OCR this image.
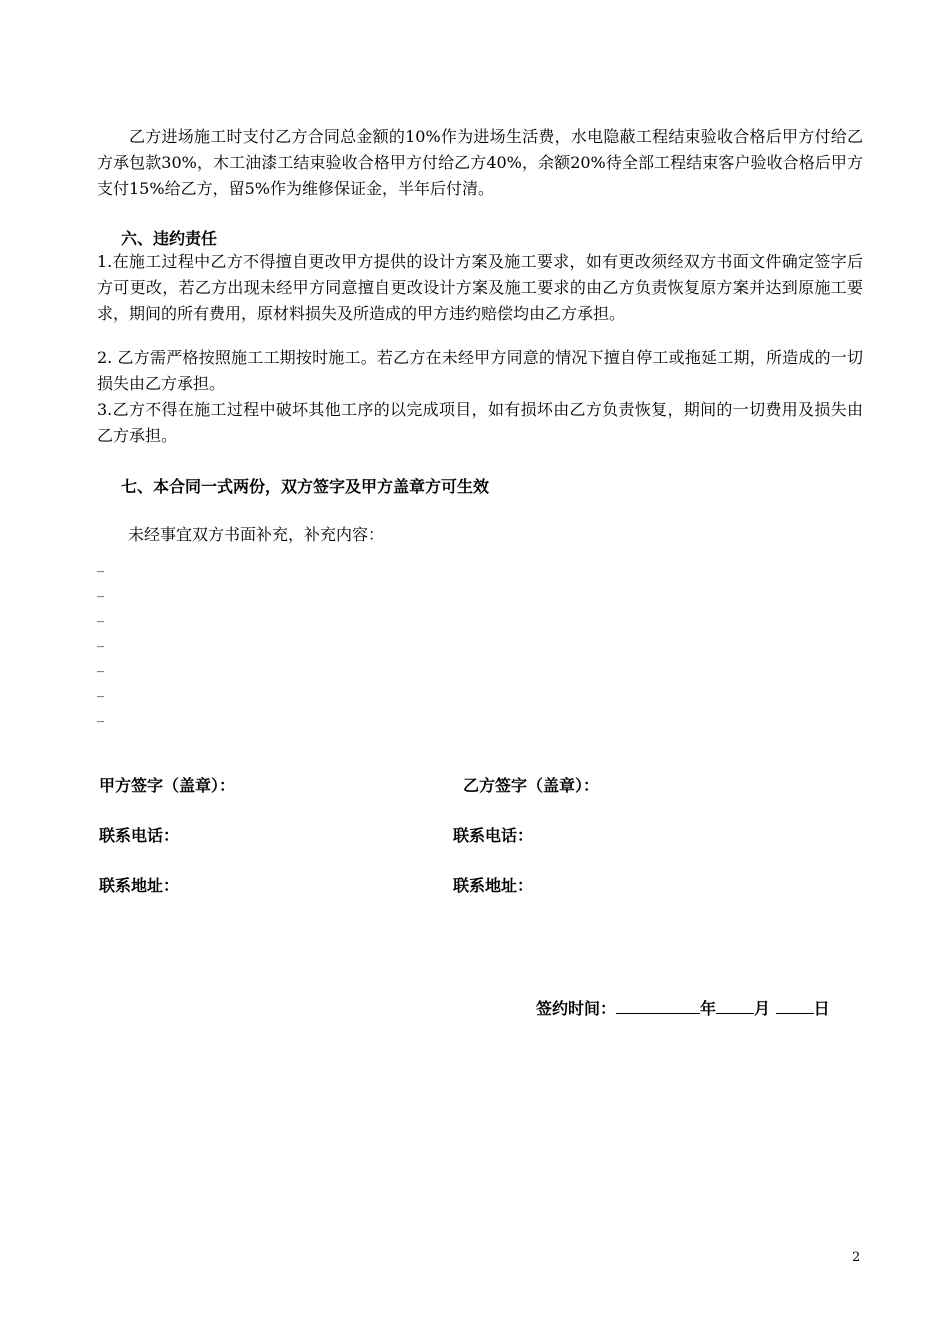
乙方进场施工时支付乙方合同总金额的10%作为进场生活费，水电隐蔽工程结束验收合格后甲方付给乙方承包款30%，木工油漆工结束验收合格甲方付给乙方40%，余额20%待全部工程结束客户验收合格后甲方支付15%给乙方，留5%作为维修保证金，半年后付清。
六、违约责任
1.在施工过程中乙方不得擅自更改甲方提供的设计方案及施工要求，如有更改须经双方书面文件确定签字后方可更改，若乙方出现未经甲方同意擅自更改设计方案及施工要求的由乙方负责恢复原方案并达到原施工要求，期间的所有费用，原材料损失及所造成的甲方违约赔偿均由乙方承担。
2. 乙方需严格按照施工工期按时施工。若乙方在未经甲方同意的情况下擅自停工或拖延工期，所造成的一切损失由乙方承担。
3.乙方不得在施工过程中破坏其他工序的以完成项目，如有损坏由乙方负责恢复，期间的一切费用及损失由乙方承担。
七、本合同一式两份，双方签字及甲方盖章方可生效
未经事宜双方书面补充，补充内容：
_
_
_
_
_
_
_
甲方签字（盖章）：	乙方签字（盖章）：
联系电话：	联系电话：
联系地址：	联系地址：
签约时间：	年 月	日
2
